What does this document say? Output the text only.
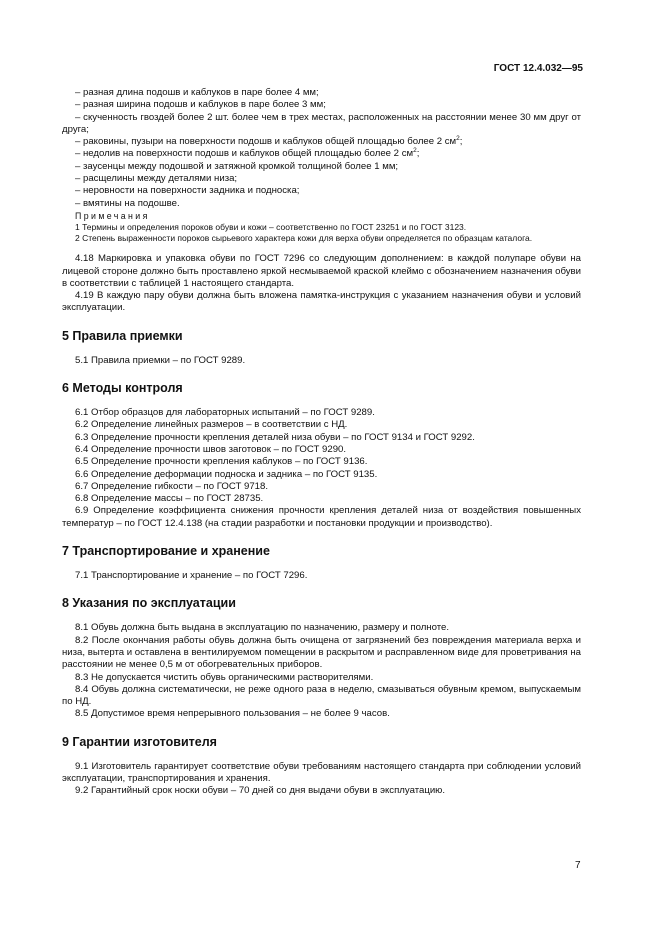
ГОСТ 12.4.032—95

– разная длина подошв и каблуков в паре более 4 мм;

– разная ширина подошв и каблуков в паре более 3 мм;

– скученность гвоздей более 2 шт. более чем в трех местах, расположенных на расстоянии менее 30 мм друг от друга;

– раковины, пузыри на поверхности подошв и каблуков общей площадью более 2 $см^2$;

– недолив на поверхности подошв и каблуков общей площадью более 2 $см^2$;

– заусенцы между подошвой и затяжной кромкой толщиной более 1 мм;

– расщелины между деталями низа;

– неровности на поверхности задника и подноска;

– вмятины на подошве.

Примечания

1 Термины и определения пороков обуви и кожи – соответственно по ГОСТ 23251 и по ГОСТ 3123.

2 Степень выраженности пороков сырьевого характера кожи для верха обуви определяется по образцам каталога.

4.18 Маркировка и упаковка обуви по ГОСТ 7296 со следующим дополнением: в каждой полупаре обуви на лицевой стороне должно быть проставлено яркой несмываемой краской клеймо с обозначением назначения обуви в соответствии с таблицей 1 настоящего стандарта.

4.19 В каждую пару обуви должна быть вложена памятка-инструкция с указанием назначения обуви и условий эксплуатации.

5 Правила приемки

5.1 Правила приемки – по ГОСТ 9289.

6 Методы контроля

6.1 Отбор образцов для лабораторных испытаний – по ГОСТ 9289.

6.2 Определение линейных размеров – в соответствии с НД.

6.3 Определение прочности крепления деталей низа обуви – по ГОСТ 9134 и ГОСТ 9292.

6.4 Определение прочности швов заготовок – по ГОСТ 9290.

6.5 Определение прочности крепления каблуков – по ГОСТ 9136.

6.6 Определение деформации подноска и задника – по ГОСТ 9135.

6.7 Определение гибкости – по ГОСТ 9718.

6.8 Определение массы – по ГОСТ 28735.

6.9 Определение коэффициента снижения прочности крепления деталей низа от воздействия повышенных температур – по ГОСТ 12.4.138 (на стадии разработки и постановки продукции и производство).

7 Транспортирование и хранение

7.1 Транспортирование и хранение – по ГОСТ 7296.

8 Указания по эксплуатации

8.1 Обувь должна быть выдана в эксплуатацию по назначению, размеру и полноте.

8.2 После окончания работы обувь должна быть очищена от загрязнений без повреждения материала верха и низа, вытерта и оставлена в вентилируемом помещении в раскрытом и расправленном виде для проветривания на расстоянии не менее 0,5 м от обогревательных приборов.

8.3 Не допускается чистить обувь органическими растворителями.

8.4 Обувь должна систематически, не реже одного раза в неделю, смазываться обувным кремом, выпускаемым по НД.

8.5 Допустимое время непрерывного пользования – не более 9 часов.

9 Гарантии изготовителя

9.1 Изготовитель гарантирует соответствие обуви требованиям настоящего стандарта при соблюдении условий эксплуатации, транспортирования и хранения.

9.2 Гарантийный срок носки обуви – 70 дней со дня выдачи обуви в эксплуатацию.

7
